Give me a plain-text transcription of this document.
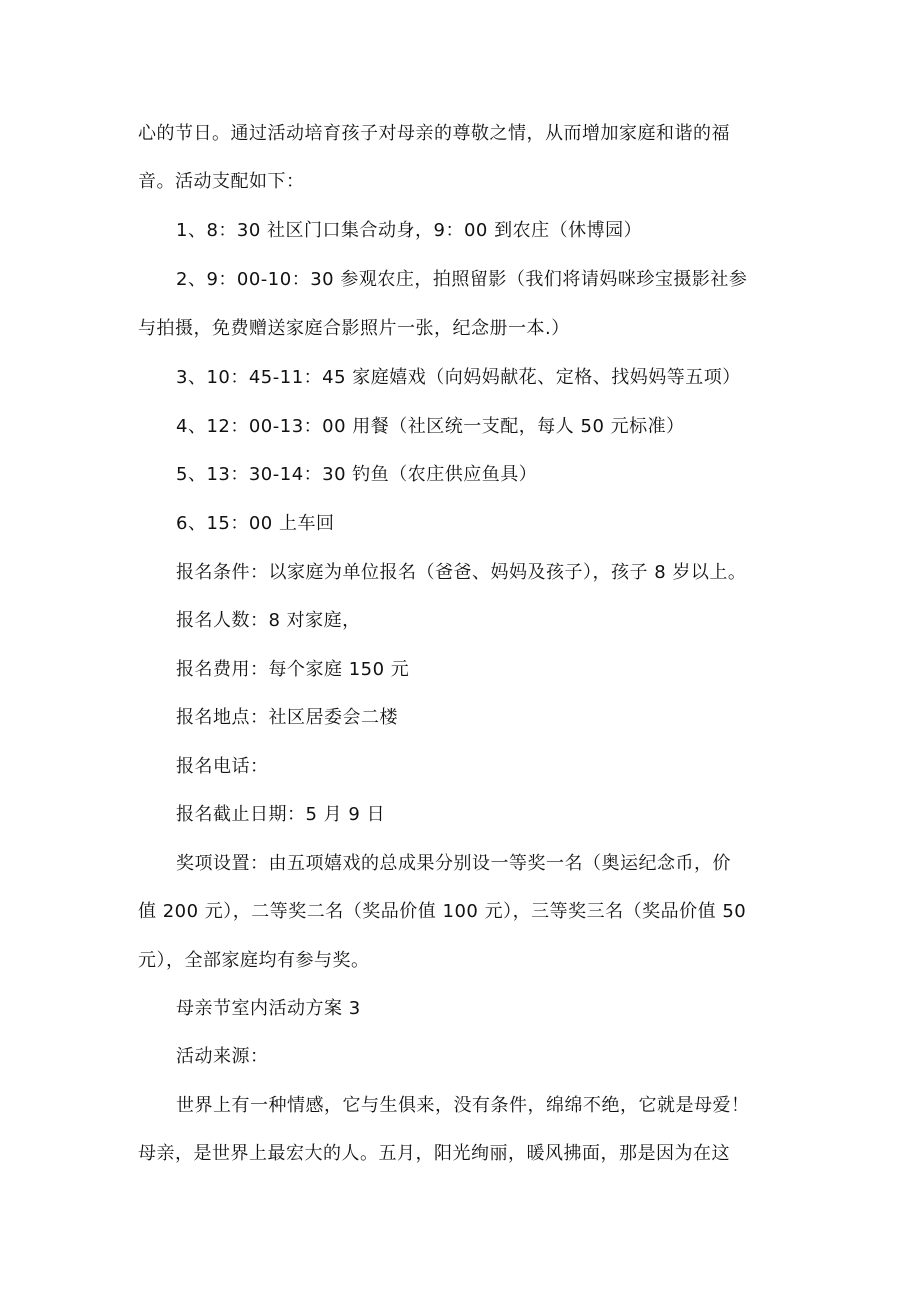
心的节日。通过活动培育孩子对母亲的尊敬之情，从而增加家庭和谐的福
音。活动支配如下：
1、8：30 社区门口集合动身，9：00 到农庄（休博园）
2、9：00-10：30 参观农庄，拍照留影（我们将请妈咪珍宝摄影社参
与拍摄，免费赠送家庭合影照片一张，纪念册一本.）
3、10：45-11：45 家庭嬉戏（向妈妈献花、定格、找妈妈等五项）
4、12：00-13：00 用餐（社区统一支配，每人 50 元标准）
5、13：30-14：30 钓鱼（农庄供应鱼具）
6、15：00 上车回
报名条件：以家庭为单位报名（爸爸、妈妈及孩子），孩子 8 岁以上。
报名人数：8 对家庭，
报名费用：每个家庭 150 元
报名地点：社区居委会二楼
报名电话：
报名截止日期：5 月 9 日
奖项设置：由五项嬉戏的总成果分别设一等奖一名（奥运纪念币，价
值 200 元），二等奖二名（奖品价值 100 元），三等奖三名（奖品价值 50
元），全部家庭均有参与奖。
母亲节室内活动方案 3
活动来源：
世界上有一种情感，它与生俱来，没有条件，绵绵不绝，它就是母爱！
母亲，是世界上最宏大的人。五月，阳光绚丽，暖风拂面，那是因为在这
